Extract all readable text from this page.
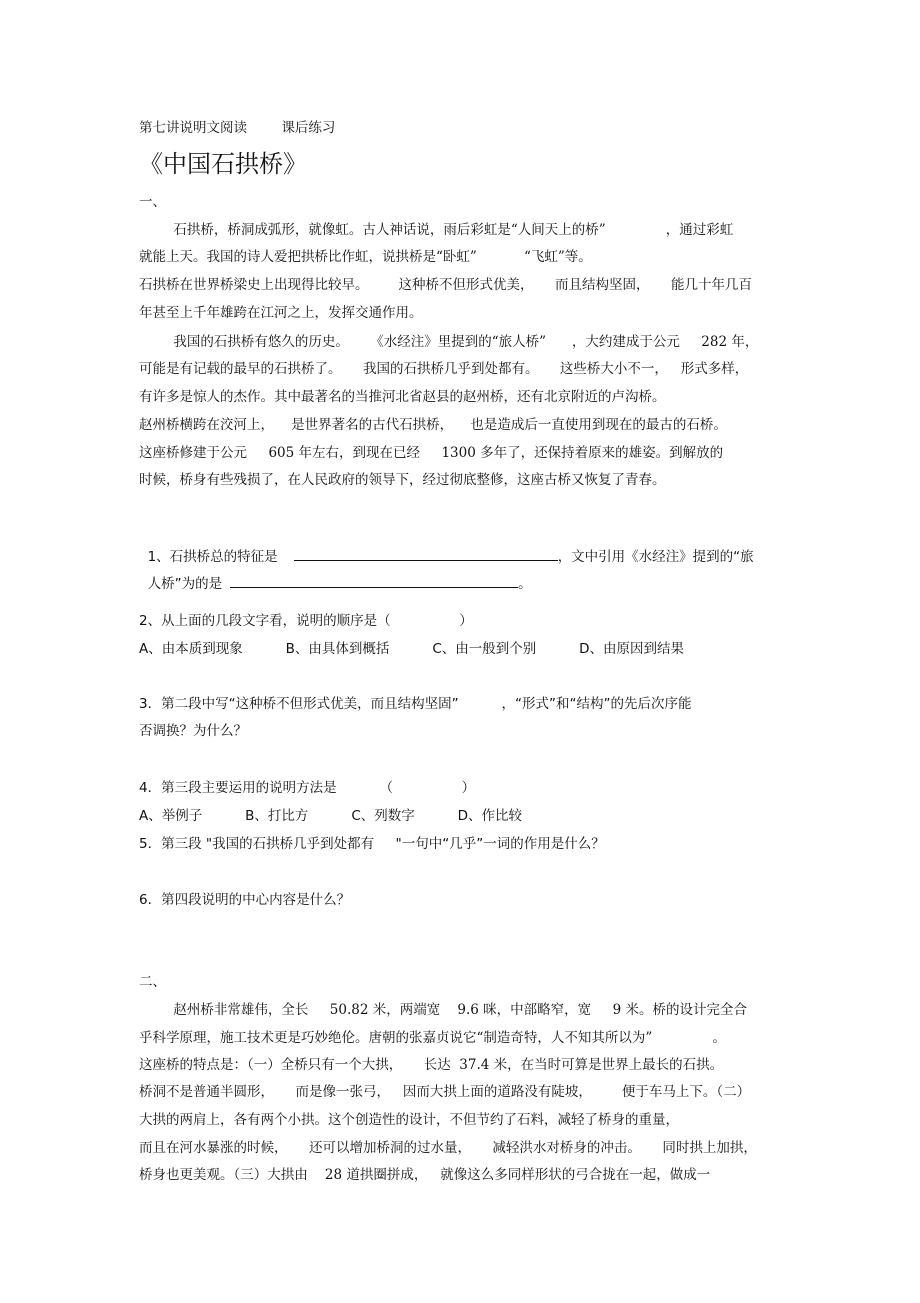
第七讲说明文阅读        课后练习
《中国石拱桥》
一、
石拱桥，桥洞成弧形，就像虹。古人神话说，雨后彩虹是“人间天上的桥”              ，通过彩虹
就能上天。我国的诗人爱把拱桥比作虹，说拱桥是“卧虹”           “飞虹”等。
石拱桥在世界桥梁史上出现得比较早。       这种桥不但形式优美，     而且结构坚固，     能几十年几百
年甚至上千年雄跨在江河之上，发挥交通作用。
我国的石拱桥有悠久的历史。     《水经注》里提到的“旅人桥”      ，大约建成于公元     282 年，
可能是有记载的最早的石拱桥了。     我国的石拱桥几乎到处都有。     这些桥大小不一，   形式多样，
有许多是惊人的杰作。其中最著名的当推河北省赵县的赵州桥，还有北京附近的卢沟桥。
赵州桥横跨在洨河上，    是世界著名的古代石拱桥，    也是造成后一直使用到现在的最古的石桥。
这座桥修建于公元     605 年左右，到现在已经     1300 多年了，还保持着原来的雄姿。到解放的
时候，桥身有些残损了，在人民政府的领导下，经过彻底整修，这座古桥又恢复了青春。

1、石拱桥总的特征是	，文中引用《水经注》提到的“旅

人桥”为的是	。

2、从上面的几段文字看，说明的顺序是（                ）
A、由本质到现象          B、由具体到概括          C、由一般到个别          D、由原因到结果
3．第二段中写“这种桥不但形式优美，而且结构坚固”          ，“形式”和“结构”的先后次序能
否调换？为什么？
4．第三段主要运用的说明方法是          （                ）
A、举例子          B、打比方          C、列数字          D、作比较
5．第三段 "我国的石拱桥几乎到处都有     "一句中“几乎”一词的作用是什么？
6．第四段说明的中心内容是什么？
二、
赵州桥非常雄伟，全长     50.82 米，两端宽    9.6 咪，中部略窄，宽     9 米。桥的设计完全合
乎科学原理，施工技术更是巧妙绝伦。唐朝的张嘉贞说它“制造奇特，人不知其所以为”              。
这座桥的特点是：（一）全桥只有一个大拱，     长达  37.4 米，在当时可算是世界上最长的石拱。
桥洞不是普通半圆形，     而是像一张弓，   因而大拱上面的道路没有陡坡，       便于车马上下。（二）
大拱的两肩上，各有两个小拱。这个创造性的设计，不但节约了石料，减轻了桥身的重量，
而且在河水暴涨的时候，     还可以增加桥洞的过水量，     减轻洪水对桥身的冲击。     同时拱上加拱，
桥身也更美观。（三）大拱由    28 道拱圈拼成，   就像这么多同样形状的弓合拢在一起，做成一
